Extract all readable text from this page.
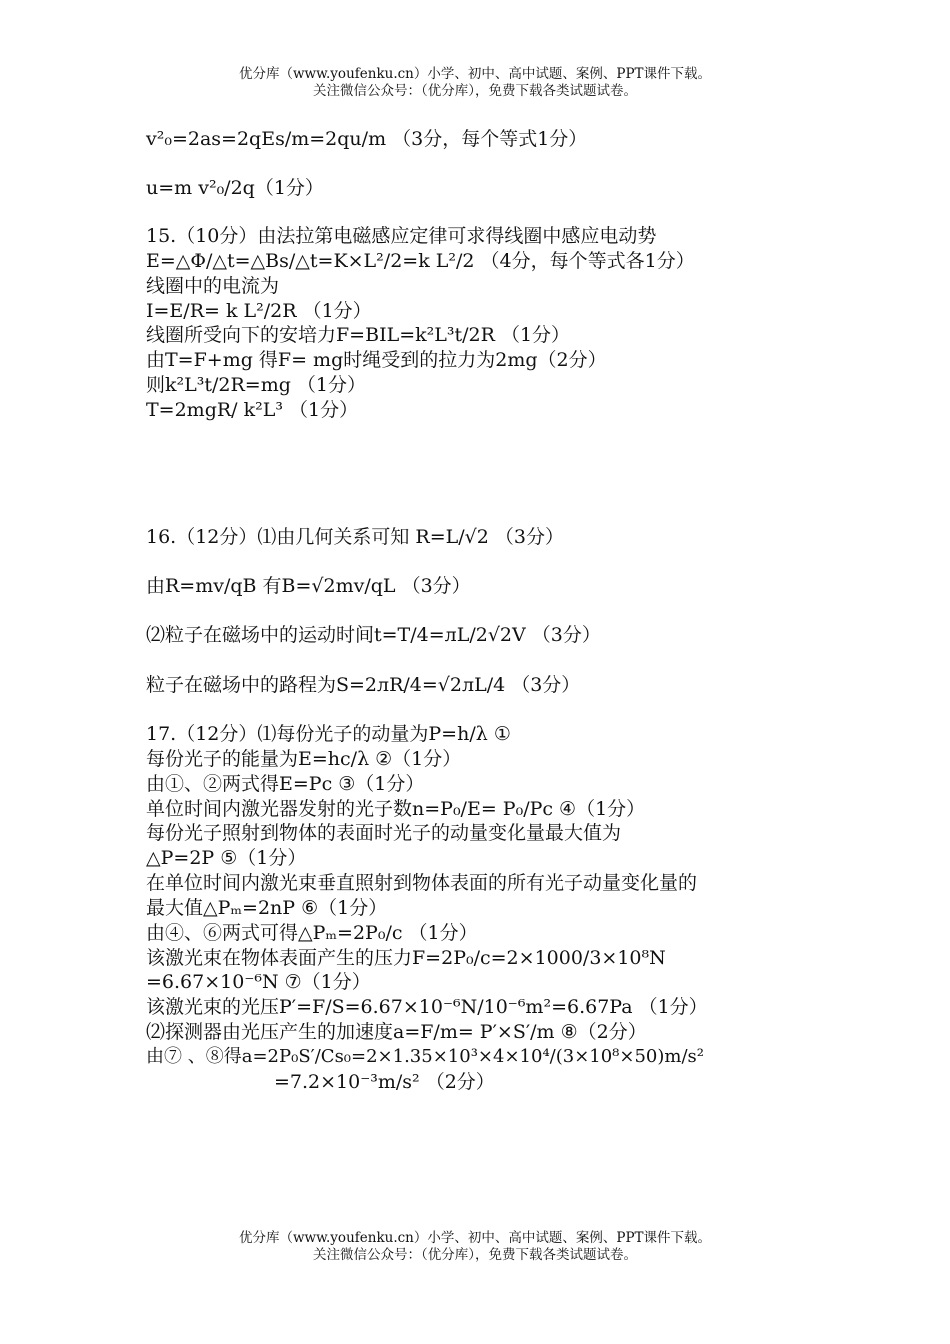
优分库（www.youfenku.cn）小学、初中、高中试题、案例、PPT课件下载。
关注微信公众号：（优分库），免费下载各类试题试卷。
v²₀=2as=2qEs/m=2qu/m （3分，每个等式1分）
u=m v²₀/2q（1分）
15.（10分）由法拉第电磁感应定律可求得线圈中感应电动势
E=△Φ/△t=△Bs/△t=K×L²/2=k L²/2 （4分，每个等式各1分）
线圈中的电流为
I=E/R= k L²/2R （1分）
线圈所受向下的安培力F=BIL=k²L³t/2R （1分）
由T=F+mg 得F= mg时绳受到的拉力为2mg（2分）
则k²L³t/2R=mg （1分）
T=2mgR/ k²L³ （1分）
16.（12分）⑴由几何关系可知 R=L/√2 （3分）
由R=mv/qB 有B=√2mv/qL （3分）
⑵粒子在磁场中的运动时间t=T/4=лL/2√2V （3分）
粒子在磁场中的路程为S=2лR/4=√2лL/4 （3分）
17.（12分）⑴每份光子的动量为P=h/λ ①
每份光子的能量为E=hc/λ ②（1分）
由①、②两式得E=Pc ③（1分）
单位时间内激光器发射的光子数n=P₀/E= P₀/Pc ④（1分）
每份光子照射到物体的表面时光子的动量变化量最大值为
△P=2P ⑤（1分）
在单位时间内激光束垂直照射到物体表面的所有光子动量变化量的
最大值△Pₘ=2nP ⑥（1分）
由④、⑥两式可得△Pₘ=2P₀/c （1分）
该激光束在物体表面产生的压力F=2P₀/c=2×1000/3×10⁸N
=6.67×10⁻⁶N ⑦（1分）
该激光束的光压P′=F/S=6.67×10⁻⁶N/10⁻⁶m²=6.67Pa （1分）
⑵探测器由光压产生的加速度a=F/m= P′×S′/m ⑧（2分）
由⑦ 、⑧得a=2P₀S′/Cs₀=2×1.35×10³×4×10⁴/(3×10⁸×50)m/s²
=7.2×10⁻³m/s² （2分）
优分库（www.youfenku.cn）小学、初中、高中试题、案例、PPT课件下载。
关注微信公众号：（优分库），免费下载各类试题试卷。
